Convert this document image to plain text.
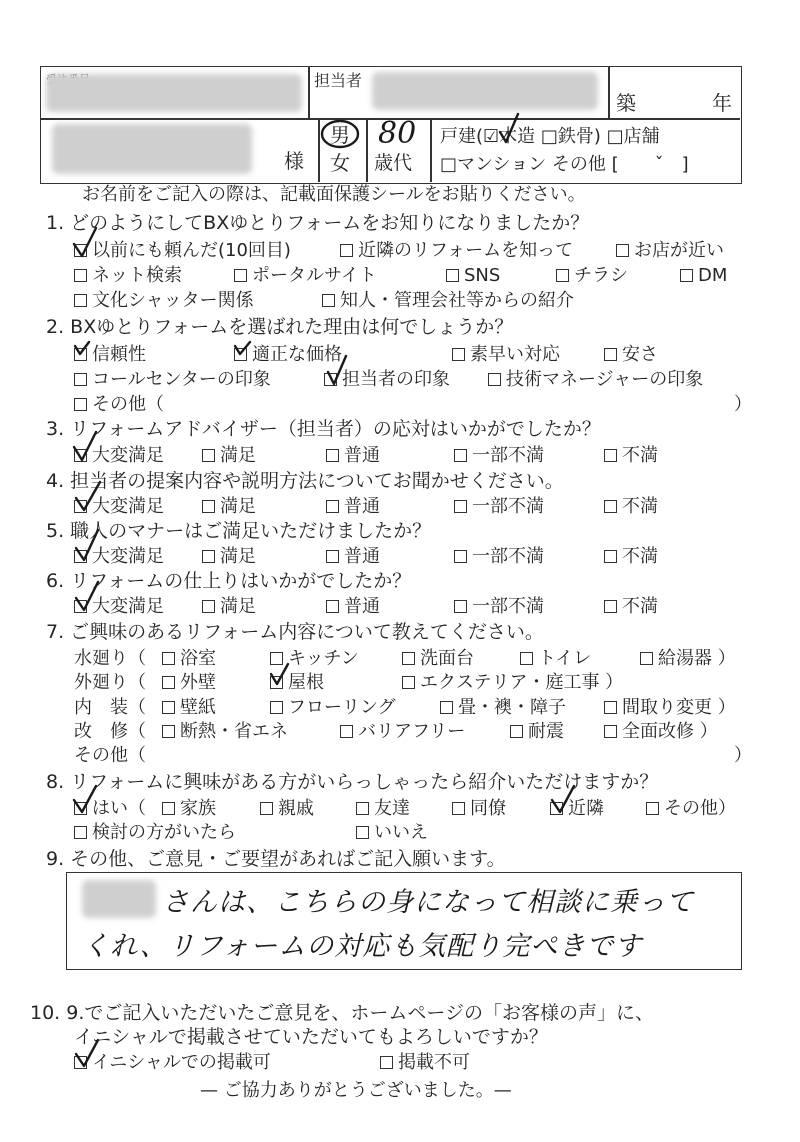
担当者
築	年
様
男
女
80
歳代
戸建(☑木造 □鉄骨) □店舗
□マンション その他 [　　ˇ　]
お名前をご記入の際は、記載面保護シールをお貼りください。
1. どのようにしてBXゆとりフォームをお知りになりましたか？
以前にも頼んだ(10回目)	近隣のリフォームを知って	お店が近い
ネット検索	ポータルサイト	SNS	チラシ	DM
文化シャッター関係	知人・管理会社等からの紹介
2. BXゆとりフォームを選ばれた理由は何でしょうか？
信頼性	適正な価格	素早い対応	安さ
コールセンターの印象	担当者の印象	技術マネージャーの印象
その他（	）
3. リフォームアドバイザー（担当者）の応対はいかがでしたか？
大変満足	満足	普通	一部不満	不満
4. 担当者の提案内容や説明方法についてお聞かせください。
大変満足	満足	普通	一部不満	不満
5. 職人のマナーはご満足いただけましたか？
大変満足	満足	普通	一部不満	不満
6. リフォームの仕上りはいかがでしたか？
大変満足	満足	普通	一部不満	不満
7. ご興味のあるリフォーム内容について教えてください。
水廻り（	浴室	キッチン	洗面台	トイレ	給湯器 ）
外廻り（	外壁	屋根	エクステリア・庭工事 ）
内　装（	壁紙	フローリング	畳・襖・障子	間取り変更 ）
改　修（	断熱・省エネ	バリアフリー	耐震	全面改修 ）
その他（	）
8. リフォームに興味がある方がいらっしゃったら紹介いただけますか？
はい（	家族	親戚	友達	同僚	近隣	その他）
検討の方がいたら	いいえ
9. その他、ご意見・ご要望があればご記入願います。
さんは、こちらの身になって相談に乗って
くれ、リフォームの対応も気配り完ぺきです
10. 9.でご記入いただいたご意見を、ホームページの「お客様の声」に、
イニシャルで掲載させていただいてもよろしいですか？
イニシャルでの掲載可	掲載不可
— ご協力ありがとうございました。—
